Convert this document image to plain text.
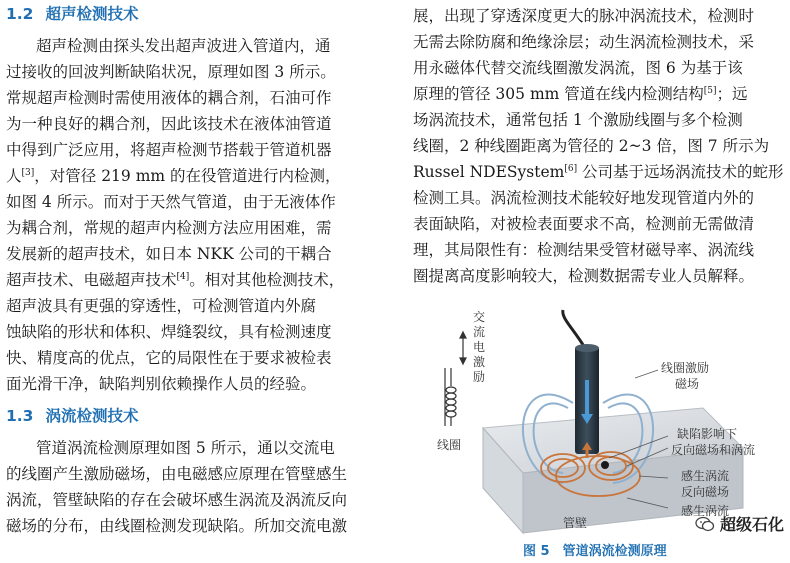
1.2 超声检测技术
超声检测由探头发出超声波进入管道内，通
过接收的回波判断缺陷状况，原理如图 3 所示。
常规超声检测时需使用液体的耦合剂，石油可作
为一种良好的耦合剂，因此该技术在液体油管道
中得到广泛应用，将超声检测节搭载于管道机器
人[3]，对管径 219 mm 的在役管道进行内检测，
如图 4 所示。而对于天然气管道，由于无液体作
为耦合剂，常规的超声内检测方法应用困难，需
发展新的超声技术，如日本 NKK 公司的干耦合
超声技术、电磁超声技术[4]。相对其他检测技术，
超声波具有更强的穿透性，可检测管道内外腐
蚀缺陷的形状和体积、焊缝裂纹，具有检测速度
快、精度高的优点，它的局限性在于要求被检表
面光滑干净，缺陷判别依赖操作人员的经验。
1.3 涡流检测技术
管道涡流检测原理如图 5 所示，通以交流电
的线圈产生激励磁场，由电磁感应原理在管壁感生
涡流，管壁缺陷的存在会破坏感生涡流及涡流反向
磁场的分布，由线圈检测发现缺陷。所加交流电激
展，出现了穿透深度更大的脉冲涡流技术，检测时
无需去除防腐和绝缘涂层；动生涡流检测技术，采
用永磁体代替交流线圈激发涡流，图 6 为基于该
原理的管径 305 mm 管道在线内检测结构[5]；远
场涡流技术，通常包括 1 个激励线圈与多个检测
线圈，2 种线圈距离为管径的 2~3 倍，图 7 所示为
Russel NDESystem[6] 公司基于远场涡流技术的蛇形
检测工具。涡流检测技术能较好地发现管道内外的
表面缺陷，对被检表面要求不高，检测前无需做清
理，其局限性有：检测结果受管材磁导率、涡流线
圈提离高度影响较大，检测数据需专业人员解释。
交
流
电
激
励
线圈
线圈激励
磁场
缺陷影响下
反向磁场和涡流
感生涡流
反向磁场
感生涡流
管壁
图 5　管道涡流检测原理
超级石化
